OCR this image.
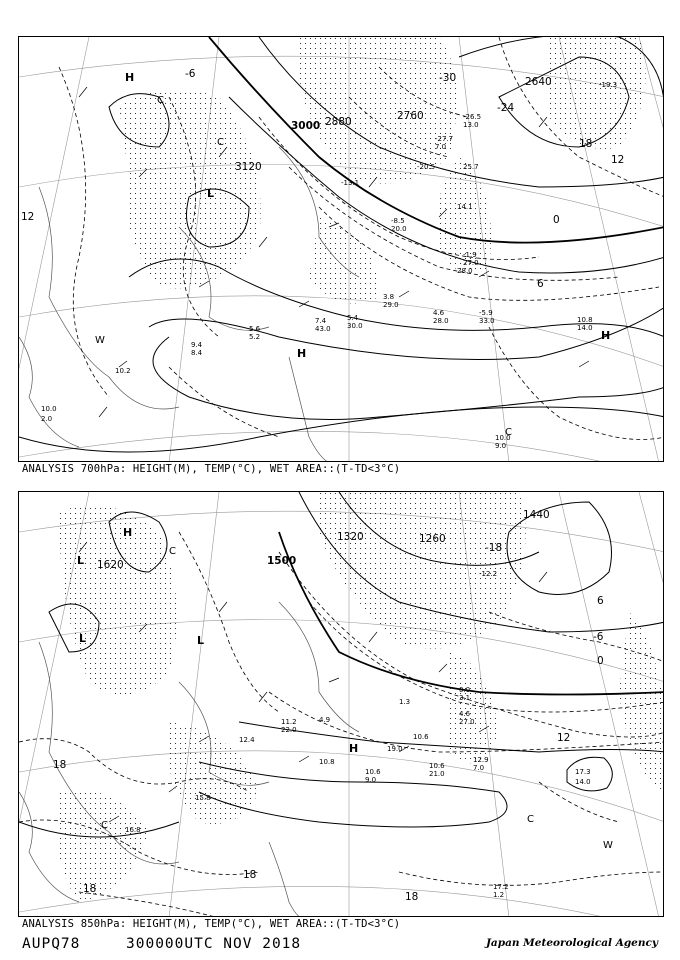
3000 2880
3120
2760
2640
-30
-24
18
12
12	0
6
-6
H
H
H
L
C
C
W
C
10.2
4.6
28.0
-5.9
33.0
3.8
29.0
5.4
30.0
7.4
43.0
10.8
14.0
10.0
9.0
9.4
8.4
-13.1
-8.5
20.0
-27.7
7.0
-26.5
13.0
-19.3
14.1
28.0
-1.9
27.0
-20.5	25.7
10.0
2.0
5.6
5.2
ANALYSIS 700hPa: HEIGHT(M), TEMP(°C), WET AREA::(T-TD<3°C)
1500
1320
1440
1260
1620
18
18
18
18
12
0
-6
6
-18
H
H
L
L	L
C
C
W
C
17.2
10.8	12.9
7.0
10.6
21.0
10.6
9.0
10.6
19.0
4.6
27.0
0.0
3.1
17.3
1.2
14.0
16.8
15.8
4.9
11.2
22.0
12.4
1.3
-12.2
ANALYSIS 850hPa: HEIGHT(M), TEMP(°C), WET AREA::(T-TD<3°C)
AUPQ78	300000UTC NOV 2018	Japan Meteorological Agency
